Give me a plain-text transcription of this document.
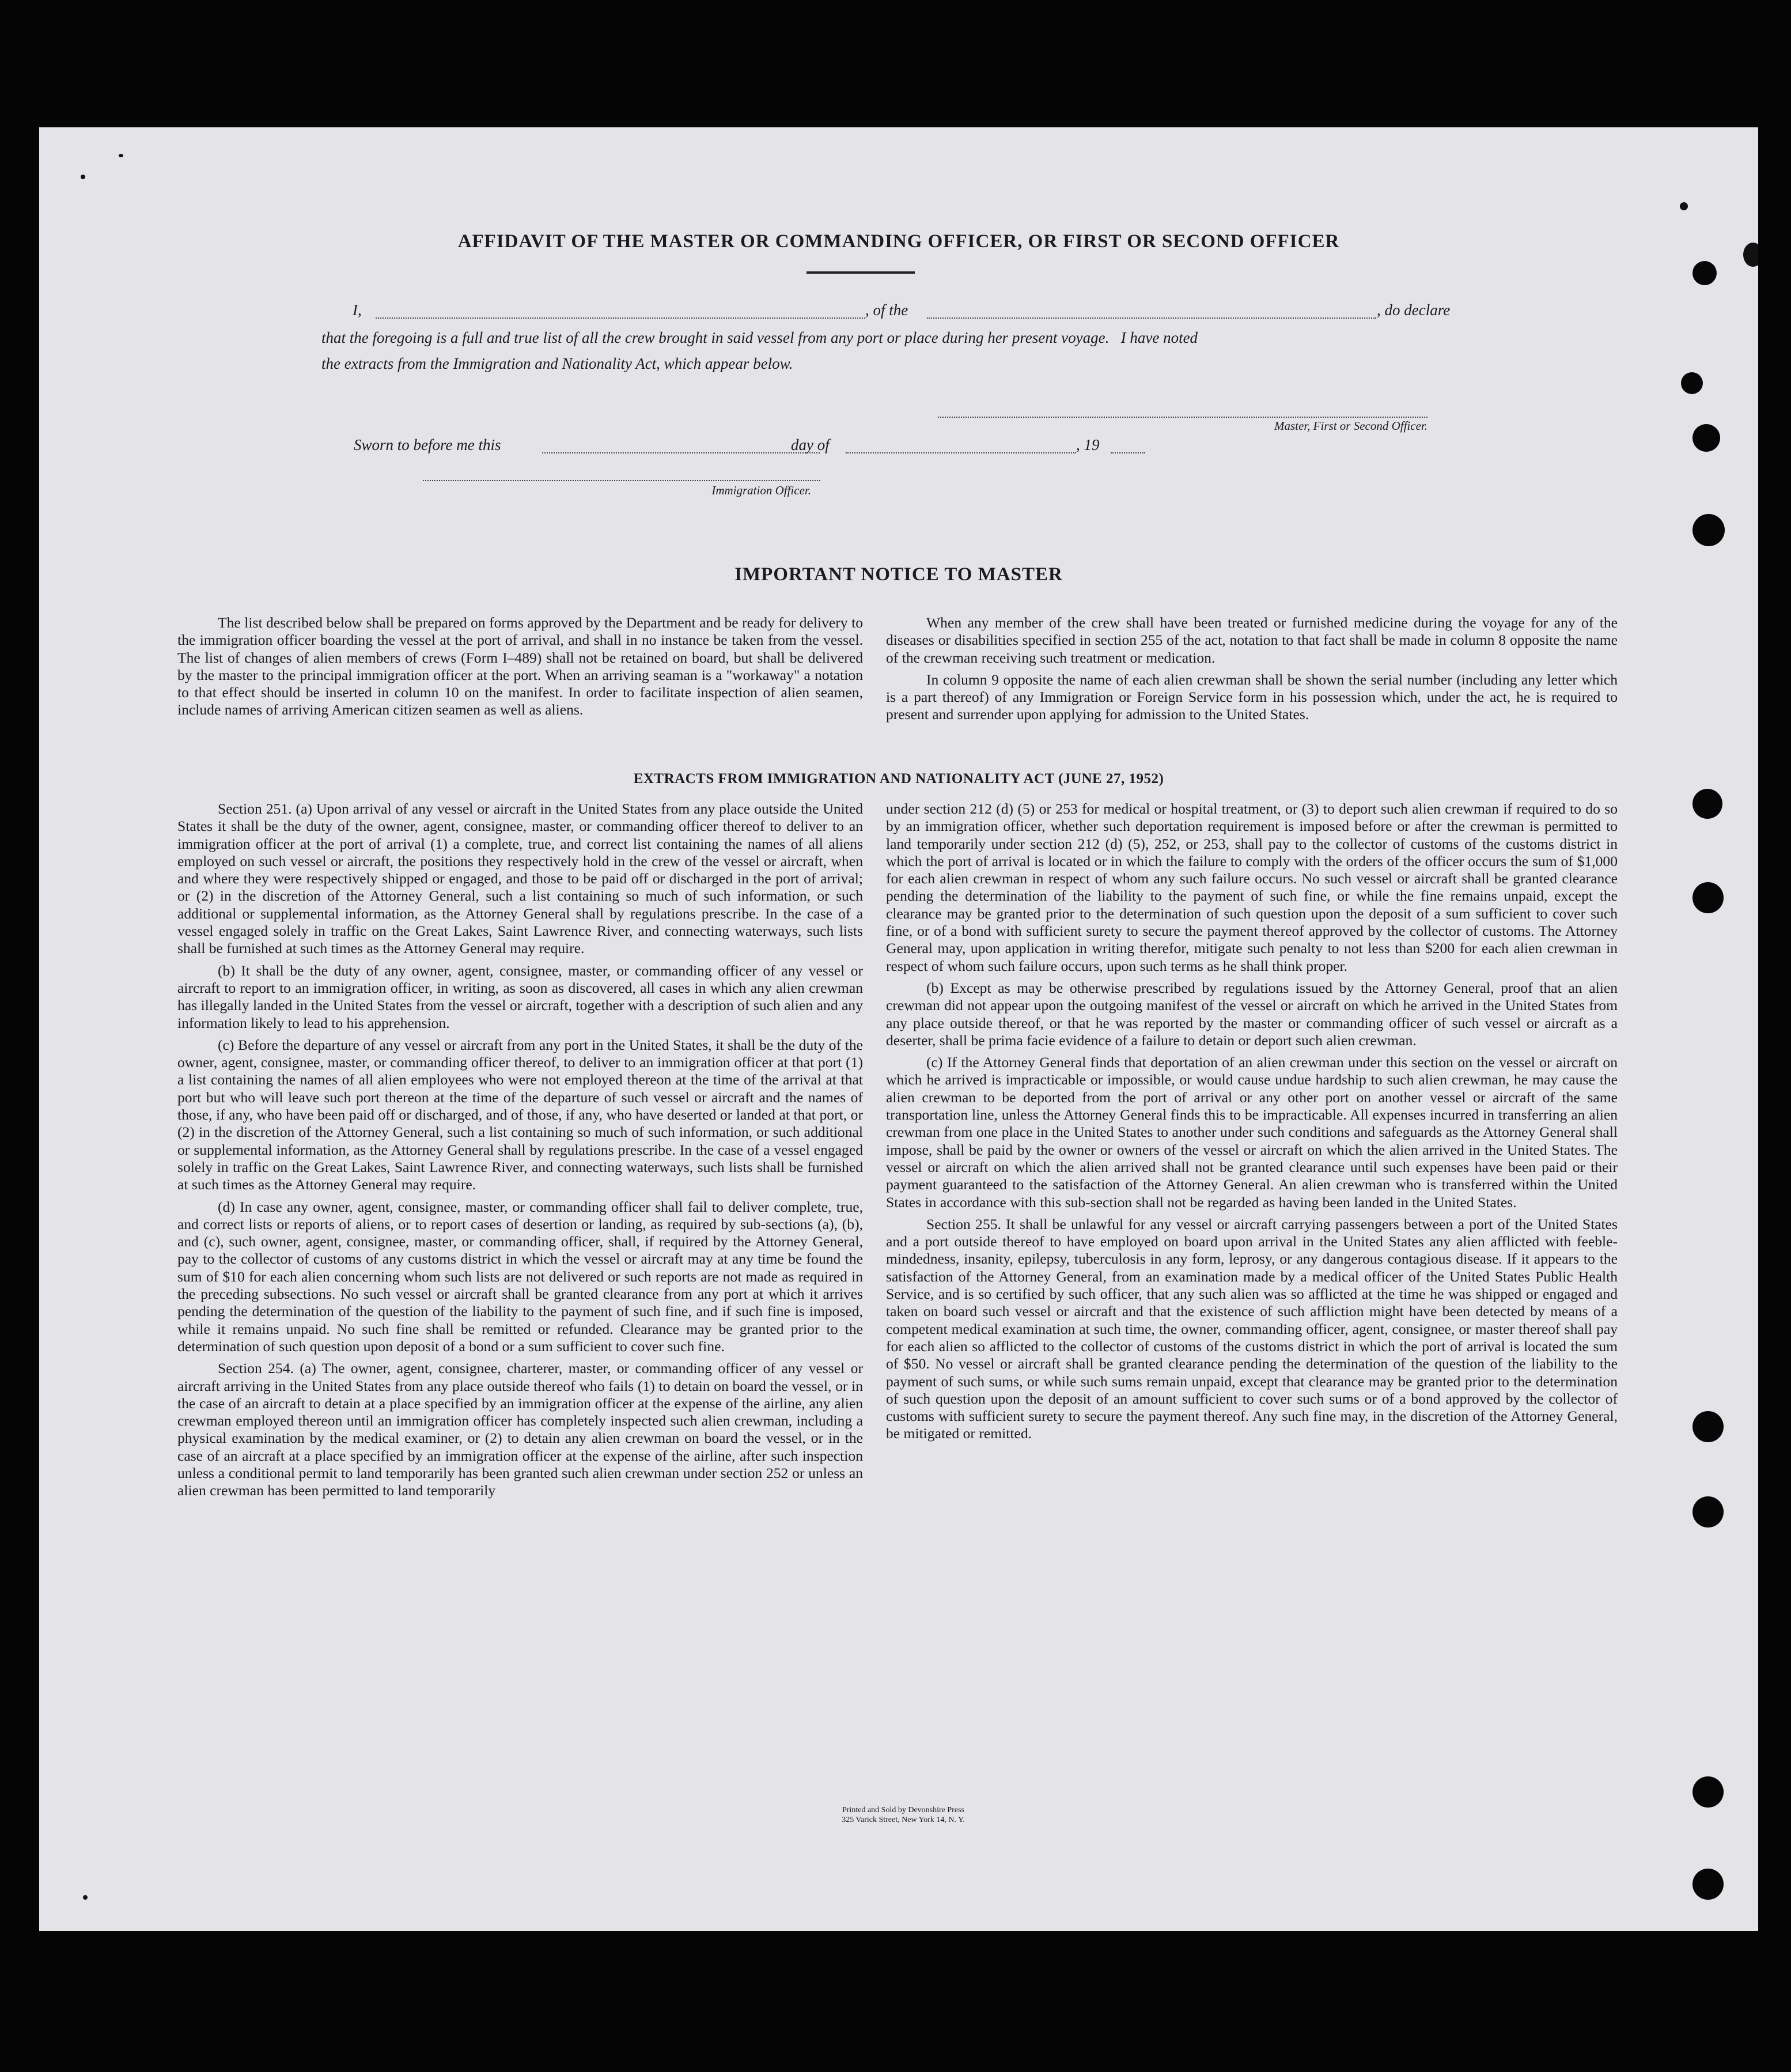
AFFIDAVIT OF THE MASTER OR COMMANDING OFFICER, OR FIRST OR SECOND OFFICER
I,	, of the	, do declare
that the foregoing is a full and true list of all the crew brought in said vessel from any port or place during her present voyage.   I have noted
the extracts from the Immigration and Nationality Act, which appear below.
Master, First or Second Officer.
Sworn to before me this	day of	, 19
Immigration Officer.
IMPORTANT NOTICE TO MASTER

The list described below shall be prepared on forms approved by the Department and be ready for delivery to the immigration officer boarding the vessel at the port of arrival, and shall in no instance be taken from the vessel. The list of changes of alien members of crews (Form I–489) shall not be retained on board, but shall be delivered by the master to the principal immigration officer at the port. When an arriving seaman is a "workaway" a notation to that effect should be inserted in column 10 on the manifest. In order to facilitate inspection of alien seamen, include names of arriving American citizen seamen as well as aliens.

When any member of the crew shall have been treated or furnished medicine during the voyage for any of the diseases or disabilities specified in section 255 of the act, notation to that fact shall be made in column 8 opposite the name of the crewman receiving such treatment or medication.

In column 9 opposite the name of each alien crewman shall be shown the serial number (including any letter which is a part thereof) of any Immigration or Foreign Service form in his possession which, under the act, he is required to present and surrender upon applying for admission to the United States.

EXTRACTS FROM IMMIGRATION AND NATIONALITY ACT (JUNE 27, 1952)

Section 251. (a) Upon arrival of any vessel or aircraft in the United States from any place outside the United States it shall be the duty of the owner, agent, consignee, master, or commanding officer thereof to deliver to an immigration officer at the port of arrival (1) a complete, true, and correct list containing the names of all aliens employed on such vessel or aircraft, the positions they respectively hold in the crew of the vessel or aircraft, when and where they were respectively shipped or engaged, and those to be paid off or discharged in the port of arrival; or (2) in the discretion of the Attorney General, such a list containing so much of such information, or such additional or supplemental information, as the Attorney General shall by regulations prescribe. In the case of a vessel engaged solely in traffic on the Great Lakes, Saint Lawrence River, and connecting waterways, such lists shall be furnished at such times as the Attorney General may require.

(b) It shall be the duty of any owner, agent, consignee, master, or commanding officer of any vessel or aircraft to report to an immigration officer, in writing, as soon as discovered, all cases in which any alien crewman has illegally landed in the United States from the vessel or aircraft, together with a description of such alien and any information likely to lead to his apprehension.

(c) Before the departure of any vessel or aircraft from any port in the United States, it shall be the duty of the owner, agent, consignee, master, or commanding officer thereof, to deliver to an immigration officer at that port (1) a list containing the names of all alien employees who were not employed thereon at the time of the arrival at that port but who will leave such port thereon at the time of the departure of such vessel or aircraft and the names of those, if any, who have been paid off or discharged, and of those, if any, who have deserted or landed at that port, or (2) in the discretion of the Attorney General, such a list containing so much of such information, or such additional or supplemental information, as the Attorney General shall by regulations prescribe. In the case of a vessel engaged solely in traffic on the Great Lakes, Saint Lawrence River, and connecting waterways, such lists shall be furnished at such times as the Attorney General may require.

(d) In case any owner, agent, consignee, master, or commanding officer shall fail to deliver complete, true, and correct lists or reports of aliens, or to report cases of desertion or landing, as required by sub-sections (a), (b), and (c), such owner, agent, consignee, master, or commanding officer, shall, if required by the Attorney General, pay to the collector of customs of any customs district in which the vessel or aircraft may at any time be found the sum of $10 for each alien concerning whom such lists are not delivered or such reports are not made as required in the preceding subsections. No such vessel or aircraft shall be granted clearance from any port at which it arrives pending the determination of the question of the liability to the payment of such fine, and if such fine is imposed, while it remains unpaid. No such fine shall be remitted or refunded. Clearance may be granted prior to the determination of such question upon deposit of a bond or a sum sufficient to cover such fine.

Section 254. (a) The owner, agent, consignee, charterer, master, or commanding officer of any vessel or aircraft arriving in the United States from any place outside thereof who fails (1) to detain on board the vessel, or in the case of an aircraft to detain at a place specified by an immigration officer at the expense of the airline, any alien crewman employed thereon until an immigration officer has completely inspected such alien crewman, including a physical examination by the medical examiner, or (2) to detain any alien crewman on board the vessel, or in the case of an aircraft at a place specified by an immigration officer at the expense of the airline, after such inspection unless a conditional permit to land temporarily has been granted such alien crewman under section 252 or unless an alien crewman has been permitted to land temporarily

under section 212 (d) (5) or 253 for medical or hospital treatment, or (3) to deport such alien crewman if required to do so by an immigration officer, whether such deportation requirement is imposed before or after the crewman is permitted to land temporarily under section 212 (d) (5), 252, or 253, shall pay to the collector of customs of the customs district in which the port of arrival is located or in which the failure to comply with the orders of the officer occurs the sum of $1,000 for each alien crewman in respect of whom any such failure occurs. No such vessel or aircraft shall be granted clearance pending the determination of the liability to the payment of such fine, or while the fine remains unpaid, except the clearance may be granted prior to the determination of such question upon the deposit of a sum sufficient to cover such fine, or of a bond with sufficient surety to secure the payment thereof approved by the collector of customs. The Attorney General may, upon application in writing therefor, mitigate such penalty to not less than $200 for each alien crewman in respect of whom such failure occurs, upon such terms as he shall think proper.

(b) Except as may be otherwise prescribed by regulations issued by the Attorney General, proof that an alien crewman did not appear upon the outgoing manifest of the vessel or aircraft on which he arrived in the United States from any place outside thereof, or that he was reported by the master or commanding officer of such vessel or aircraft as a deserter, shall be prima facie evidence of a failure to detain or deport such alien crewman.

(c) If the Attorney General finds that deportation of an alien crewman under this section on the vessel or aircraft on which he arrived is impracticable or impossible, or would cause undue hardship to such alien crewman, he may cause the alien crewman to be deported from the port of arrival or any other port on another vessel or aircraft of the same transportation line, unless the Attorney General finds this to be impracticable. All expenses incurred in transferring an alien crewman from one place in the United States to another under such conditions and safeguards as the Attorney General shall impose, shall be paid by the owner or owners of the vessel or aircraft on which the alien arrived in the United States. The vessel or aircraft on which the alien arrived shall not be granted clearance until such expenses have been paid or their payment guaranteed to the satisfaction of the Attorney General. An alien crewman who is transferred within the United States in accordance with this sub-section shall not be regarded as having been landed in the United States.

Section 255. It shall be unlawful for any vessel or aircraft carrying passengers between a port of the United States and a port outside thereof to have employed on board upon arrival in the United States any alien afflicted with feeble-mindedness, insanity, epilepsy, tuberculosis in any form, leprosy, or any dangerous contagious disease. If it appears to the satisfaction of the Attorney General, from an examination made by a medical officer of the United States Public Health Service, and is so certified by such officer, that any such alien was so afflicted at the time he was shipped or engaged and taken on board such vessel or aircraft and that the existence of such affliction might have been detected by means of a competent medical examination at such time, the owner, commanding officer, agent, consignee, or master thereof shall pay for each alien so afflicted to the collector of customs of the customs district in which the port of arrival is located the sum of $50. No vessel or aircraft shall be granted clearance pending the determination of the question of the liability to the payment of such sums, or while such sums remain unpaid, except that clearance may be granted prior to the determination of such question upon the deposit of an amount sufficient to cover such sums or of a bond approved by the collector of customs with sufficient surety to secure the payment thereof. Any such fine may, in the discretion of the Attorney General, be mitigated or remitted.

Printed and Sold by Devonshire Press
325 Varick Street, New York 14, N. Y.
